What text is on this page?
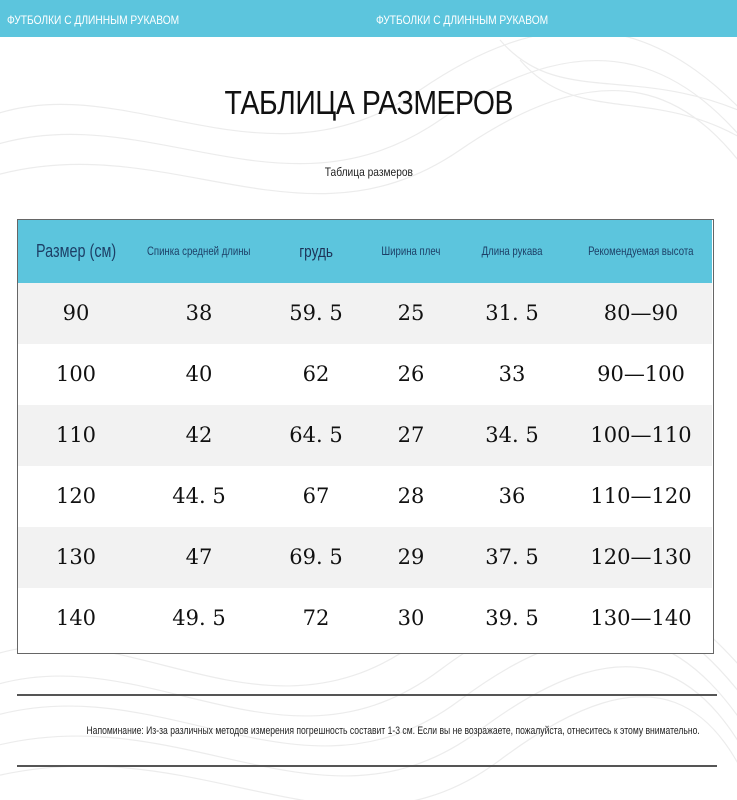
ФУТБОЛКИ С ДЛИННЫМ РУКАВОМ	ФУТБОЛКИ С ДЛИННЫМ РУКАВОМ
ТАБЛИЦА РАЗМЕРОВ
Таблица размеров
Размер (см)	Спинка средней длины	грудь	Ширина плеч	Длина рукава	Рекомендуемая высота
90	38	59. 5	25	31. 5	80—90
100	40	62	26	33	90—100
110	42	64. 5	27	34. 5	100—110
120	44. 5	67	28	36	110—120
130	47	69. 5	29	37. 5	120—130
140	49. 5	72	30	39. 5	130—140
Напоминание: Из-за различных методов измерения погрешность составит 1-3 см. Если вы не возражаете, пожалуйста, отнеситесь к этому внимательно.
